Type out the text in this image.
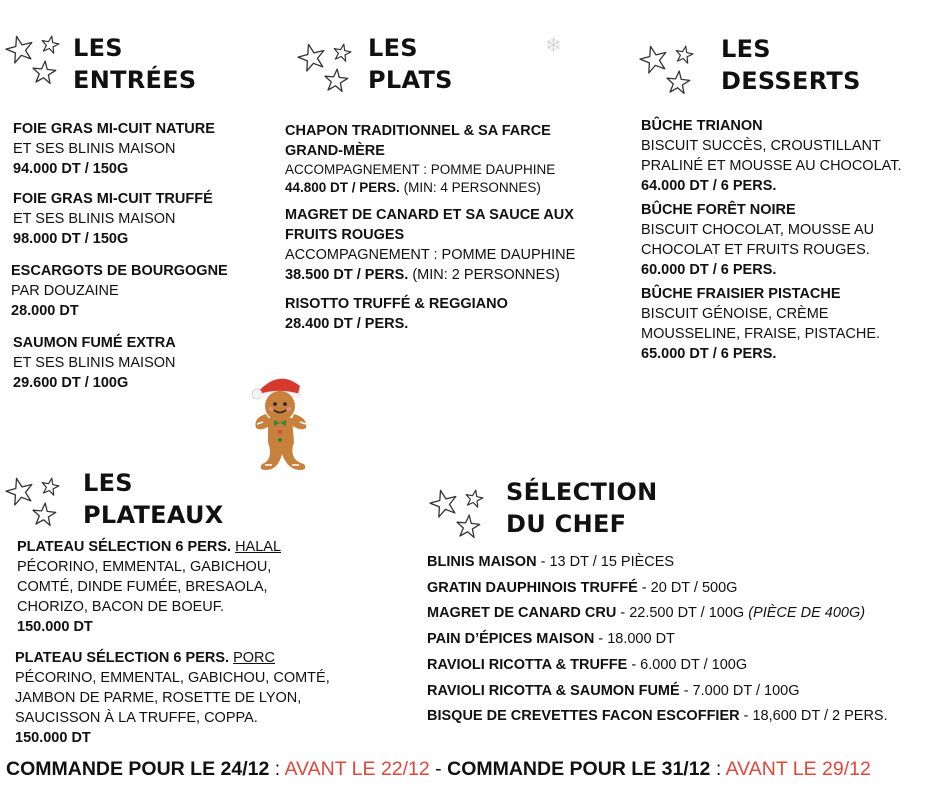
❄
LES
ENTRÉES
FOIE GRAS MI-CUIT NATURE
ET SES BLINIS MAISON
94.000 DT / 150G
FOIE GRAS MI-CUIT TRUFFÉ
ET SES BLINIS MAISON
98.000 DT / 150G
ESCARGOTS DE BOURGOGNE
PAR DOUZAINE
28.000 DT
SAUMON FUMÉ EXTRA
ET SES BLINIS MAISON
29.600 DT / 100G
LES
PLATS
CHAPON TRADITIONNEL & SA FARCE GRAND-MÈRE
ACCOMPAGNEMENT : POMME DAUPHINE
44.800 DT / PERS. (MIN: 4 PERSONNES)
MAGRET DE CANARD ET SA SAUCE AUX  FRUITS ROUGES
ACCOMPAGNEMENT : POMME DAUPHINE
38.500 DT / PERS. (MIN: 2 PERSONNES)
RISOTTO TRUFFÉ & REGGIANO
28.400 DT / PERS.
LES
DESSERTS
BÛCHE TRIANON
BISCUIT SUCCÈS, CROUSTILLANT PRALINÉ ET MOUSSE AU CHOCOLAT.
64.000 DT / 6 PERS.
BÛCHE FORÊT NOIRE
BISCUIT CHOCOLAT, MOUSSE AU CHOCOLAT ET FRUITS ROUGES.
60.000 DT / 6 PERS.
BÛCHE FRAISIER PISTACHE
BISCUIT GÉNOISE, CRÈME MOUSSELINE, FRAISE, PISTACHE.
65.000 DT / 6 PERS.
LES
PLATEAUX
PLATEAU SÉLECTION 6 PERS. HALAL
PÉCORINO, EMMENTAL, GABICHOU, COMTÉ, DINDE FUMÉE, BRESAOLA, CHORIZO, BACON DE BOEUF.
150.000 DT
PLATEAU SÉLECTION 6 PERS. PORC
PÉCORINO, EMMENTAL, GABICHOU, COMTÉ, JAMBON DE PARME, ROSETTE DE LYON, SAUCISSON À LA TRUFFE, COPPA.
150.000 DT
SÉLECTION
DU CHEF
BLINIS MAISON - 13 DT / 15 PIÈCES
GRATIN DAUPHINOIS TRUFFÉ - 20 DT / 500G
MAGRET DE CANARD CRU - 22.500 DT / 100G (PIÈCE DE 400G)
PAIN D’ÉPICES MAISON - 18.000 DT
RAVIOLI RICOTTA & TRUFFE - 6.000 DT / 100G
RAVIOLI RICOTTA & SAUMON FUMÉ - 7.000 DT / 100G
BISQUE DE CREVETTES FACON ESCOFFIER - 18,600 DT / 2 PERS.
COMMANDE POUR LE 24/12 : AVANT LE 22/12 - COMMANDE POUR LE 31/12 : AVANT LE 29/12
